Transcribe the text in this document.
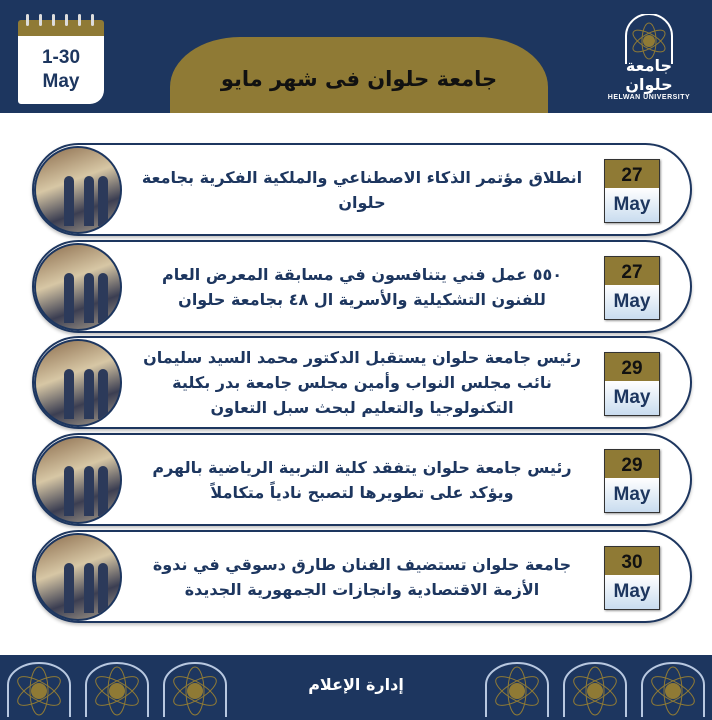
1-30
May	جامعة حلوان فى شهر مايو
جامعة حلوان
HELWAN UNIVERSITY
انطلاق مؤتمر الذكاء الاصطناعي والملكية الفكرية بجامعة حلوان
27
May
٥٥٠ عمل فني يتنافسون في مسابقة المعرض العام للفنون التشكيلية والأسرية ال ٤٨ بجامعة حلوان
27
May
رئيس جامعة حلوان يستقبل الدكتور محمد السيد سليمان نائب مجلس النواب وأمين مجلس جامعة بدر بكلية التكنولوجيا والتعليم لبحث سبل التعاون
29
May
رئيس جامعة حلوان يتفقد كلية التربية الرياضية بالهرم ويؤكد على تطويرها لتصبح نادياً متكاملاً
29
May
جامعة حلوان تستضيف الفنان طارق دسوقي في ندوة الأزمة الاقتصادية وانجازات الجمهورية الجديدة
30
May
إدارة الإعلام
